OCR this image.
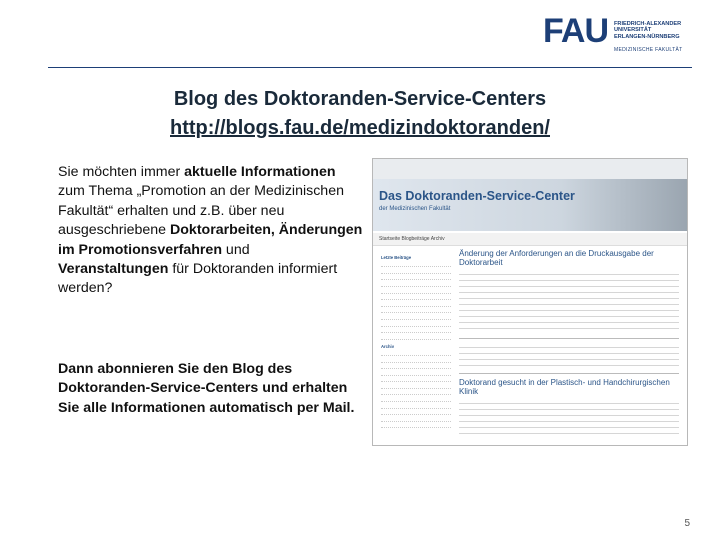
FAU FRIEDRICH-ALEXANDER
UNIVERSITÄT
ERLANGEN-NÜRNBERG
MEDIZINISCHE FAKULTÄT
Blog des Doktoranden-Service-Centers
http://blogs.fau.de/medizindoktoranden/
Sie möchten immer aktuelle Informationen zum Thema „Promotion an der Medizinischen Fakultät“ erhalten und z.B. über neu ausgeschriebene Doktorarbeiten, Änderungen im Promotionsverfahren und Veranstaltungen für Doktoranden informiert werden?
Dann abonnieren Sie den Blog des Doktoranden-Service-Centers und erhalten Sie alle Informationen automatisch per Mail.
Das Doktoranden-Service-Center
der Medizinischen Fakultät
Startseite Blogbeiträge Archiv
Letzte Beiträge

Archiv

Änderung der Anforderungen an die Druckausgabe der Doktorarbeit
Doktorand gesucht in der Plastisch- und Handchirurgischen Klinik
5
